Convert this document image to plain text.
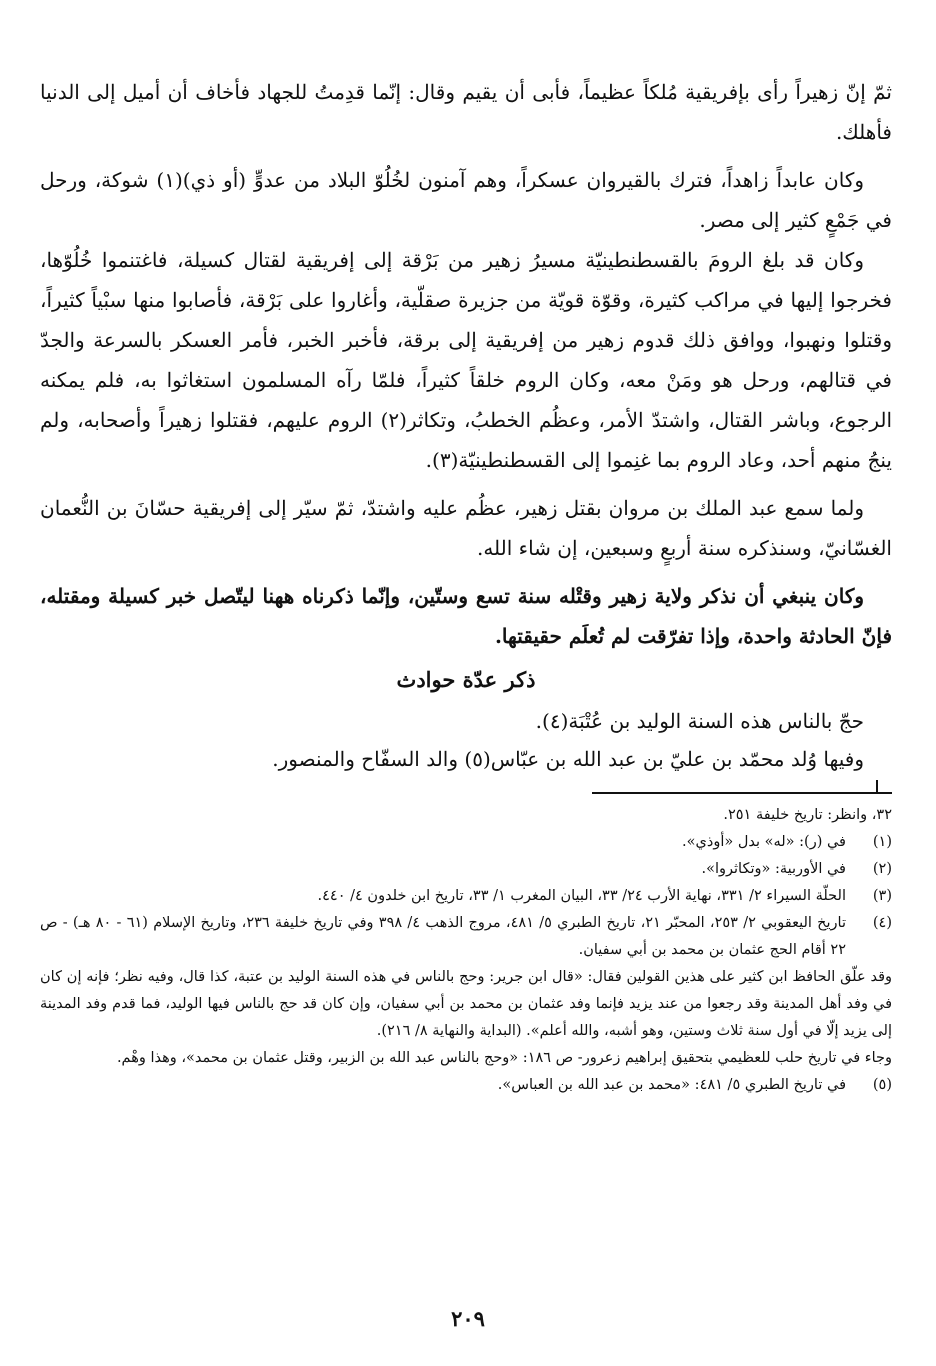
ثمّ إنّ زهيراً رأى بإفريقية مُلكاً عظيماً، فأبى أن يقيم وقال: إنّما قدِمتُ للجهاد فأخاف أن أميل إلى الدنيا فأهلك.

وكان عابداً زاهداً، فترك بالقيروان عسكراً، وهم آمنون لخُلُوّ البلاد من عدوٍّ (أو ذي)(١) شوكة، ورحل في جَمْعٍ كثير إلى مصر.

وكان قد بلغ الرومَ بالقسطنطينيّة مسيرُ زهير من بَرْقة إلى إفريقية لقتال كسيلة، فاغتنموا خُلُوّها، فخرجوا إليها في مراكب كثيرة، وقوّة قويّة من جزيرة صقلّية، وأغاروا على بَرْقة، فأصابوا منها سبْياً كثيراً، وقتلوا ونهبوا، ووافق ذلك قدوم زهير من إفريقية إلى برقة، فأخبر الخبر، فأمر العسكر بالسرعة والجدّ في قتالهم، ورحل هو ومَنْ معه، وكان الروم خلقاً كثيراً، فلمّا رآه المسلمون استغاثوا به، فلم يمكنه الرجوع، وباشر القتال، واشتدّ الأمر، وعظُم الخطبُ، وتكاثر(٢) الروم عليهم، فقتلوا زهيراً وأصحابه، ولم ينجُ منهم أحد، وعاد الروم بما غنِموا إلى القسطنطينيّة(٣).

ولما سمع عبد الملك بن مروان بقتل زهير، عظُم عليه واشتدّ، ثمّ سيّر إلى إفريقية حسّانَ بن النُّعمان الغسّانيّ، وسنذكره سنة أربعٍ وسبعين، إن شاء الله.

وكان ينبغي أن نذكر ولاية زهير وقتْله سنة تسع وستّين، وإنّما ذكرناه ههنا ليتّصل خبر كسيلة ومقتله، فإنّ الحادثة واحدة، وإذا تفرّقت لم تُعلَم حقيقتها.

ذكر عدّة حوادث

حجّ بالناس هذه السنة الوليد بن عُتْبَة(٤).

وفيها وُلد محمّد بن عليّ بن عبد الله بن عبّاس(٥) والد السفّاح والمنصور.

٣٢، وانظر: تاريخ خليفة ٢٥١.

(١)

في (ر): «له» بدل «أوذي».

(٢)

في الأوربية: «وتكاثروا».

(٣)

الحلّة السيراء ٢/ ٣٣١، نهاية الأرب ٢٤/ ٣٣، البيان المغرب ١/ ٣٣، تاريخ ابن خلدون ٤/ ٤٤٠.

(٤)

تاريخ اليعقوبي ٢/ ٢٥٣، المحبّر ٢١، تاريخ الطبري ٥/ ٤٨١، مروج الذهب ٤/ ٣٩٨ وفي تاريخ خليفة ٢٣٦، وتاريخ الإسلام (٦١ - ٨٠ هـ) - ص ٢٢ أقام الحج عثمان بن محمد بن أبي سفيان.

وقد علّق الحافظ ابن كثير على هذين القولين فقال: «قال ابن جرير: وحج بالناس في هذه السنة الوليد بن عتبة، كذا قال، وفيه نظر؛ فإنه إن كان في وفد أهل المدينة وقد رجعوا من عند يزيد فإنما وفد عثمان بن محمد بن أبي سفيان، وإن كان قد حج بالناس فيها الوليد، فما قدم وفد المدينة إلى يزيد إلّا في أول سنة ثلاث وستين، وهو أشبه، والله أعلم». (البداية والنهاية ٨/ ٢١٦).

وجاء في تاريخ حلب للعظيمي بتحقيق إبراهيم زعرور- ص ١٨٦: «وحج بالناس عبد الله بن الزبير، وقتل عثمان بن محمد»، وهذا وهْم.

(٥)

في تاريخ الطبري ٥/ ٤٨١: «محمد بن عبد الله بن العباس».

٢٠٩
